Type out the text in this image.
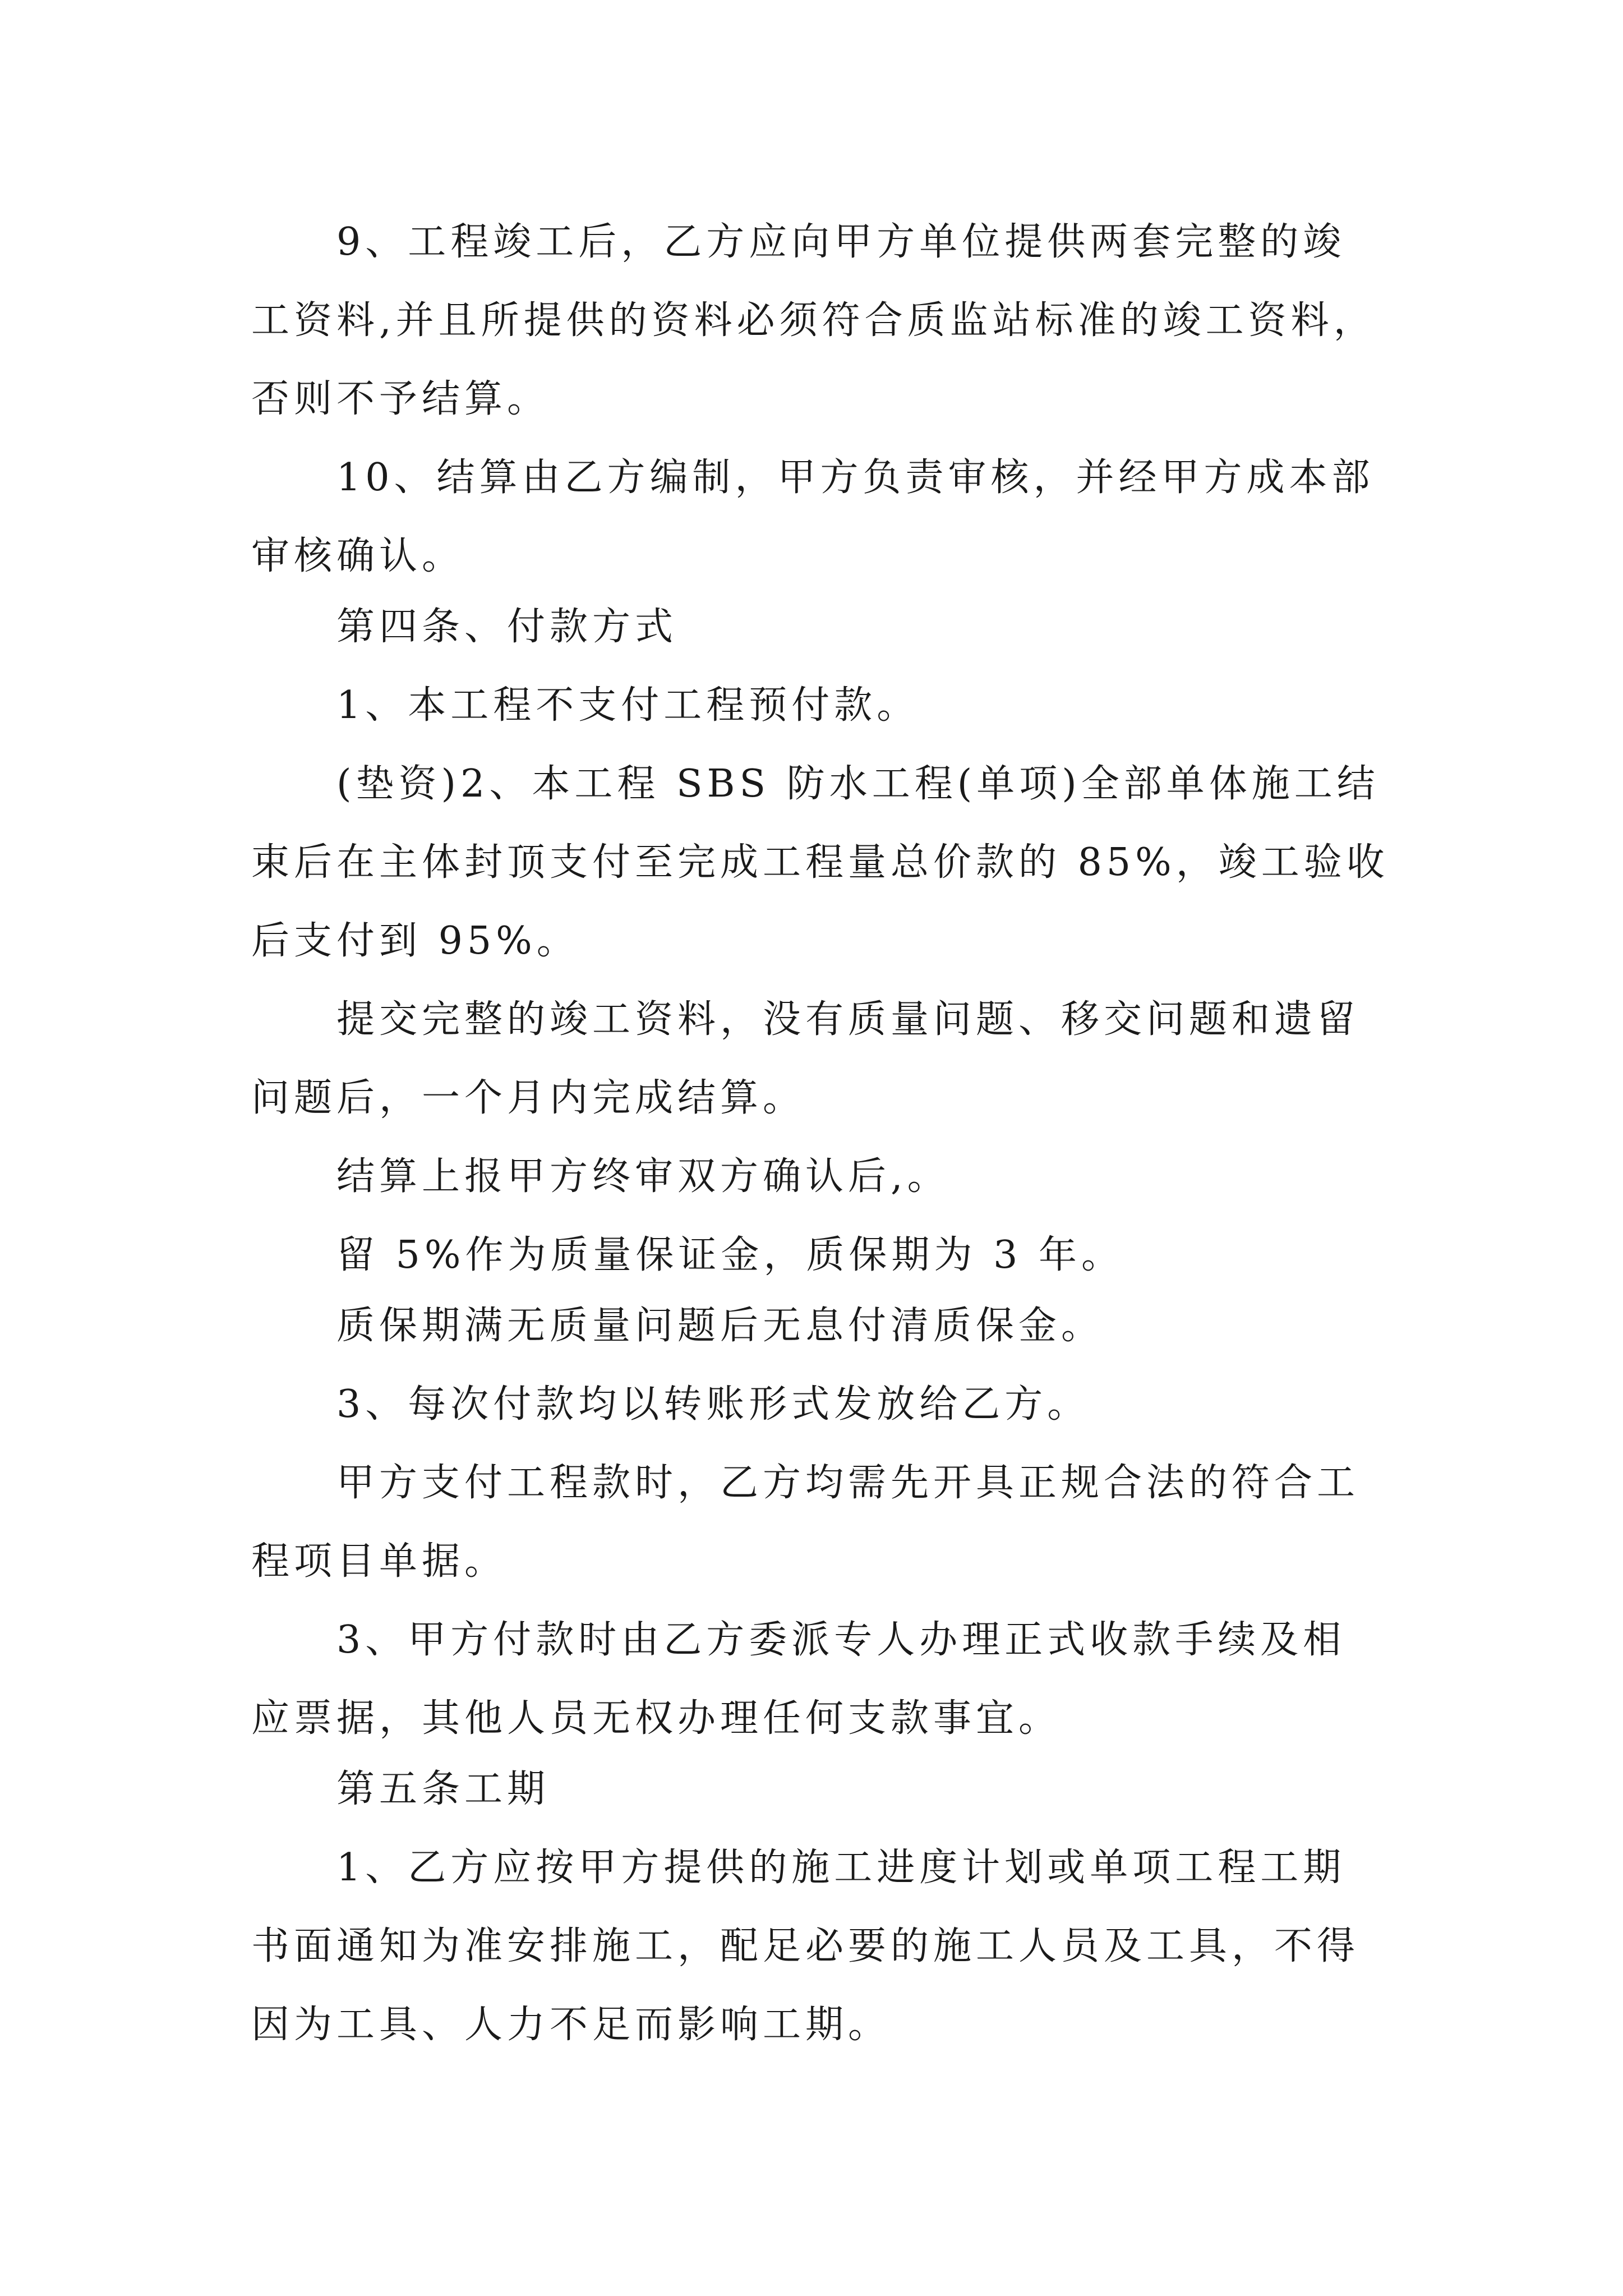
9、工程竣工后，乙方应向甲方单位提供两套完整的竣
工资料,并且所提供的资料必须符合质监站标准的竣工资料，
否则不予结算。
10、结算由乙方编制，甲方负责审核，并经甲方成本部
审核确认。
第四条、付款方式
1、本工程不支付工程预付款。
(垫资)2、本工程 SBS 防水工程(单项)全部单体施工结
束后在主体封顶支付至完成工程量总价款的 85%，竣工验收
后支付到 95%。
提交完整的竣工资料，没有质量问题、移交问题和遗留
问题后，一个月内完成结算。
结算上报甲方终审双方确认后,。
留 5%作为质量保证金，质保期为 3 年。
质保期满无质量问题后无息付清质保金。
3、每次付款均以转账形式发放给乙方。
甲方支付工程款时，乙方均需先开具正规合法的符合工
程项目单据。
3、甲方付款时由乙方委派专人办理正式收款手续及相
应票据，其他人员无权办理任何支款事宜。
第五条工期
1、乙方应按甲方提供的施工进度计划或单项工程工期
书面通知为准安排施工，配足必要的施工人员及工具，不得
因为工具、人力不足而影响工期。
